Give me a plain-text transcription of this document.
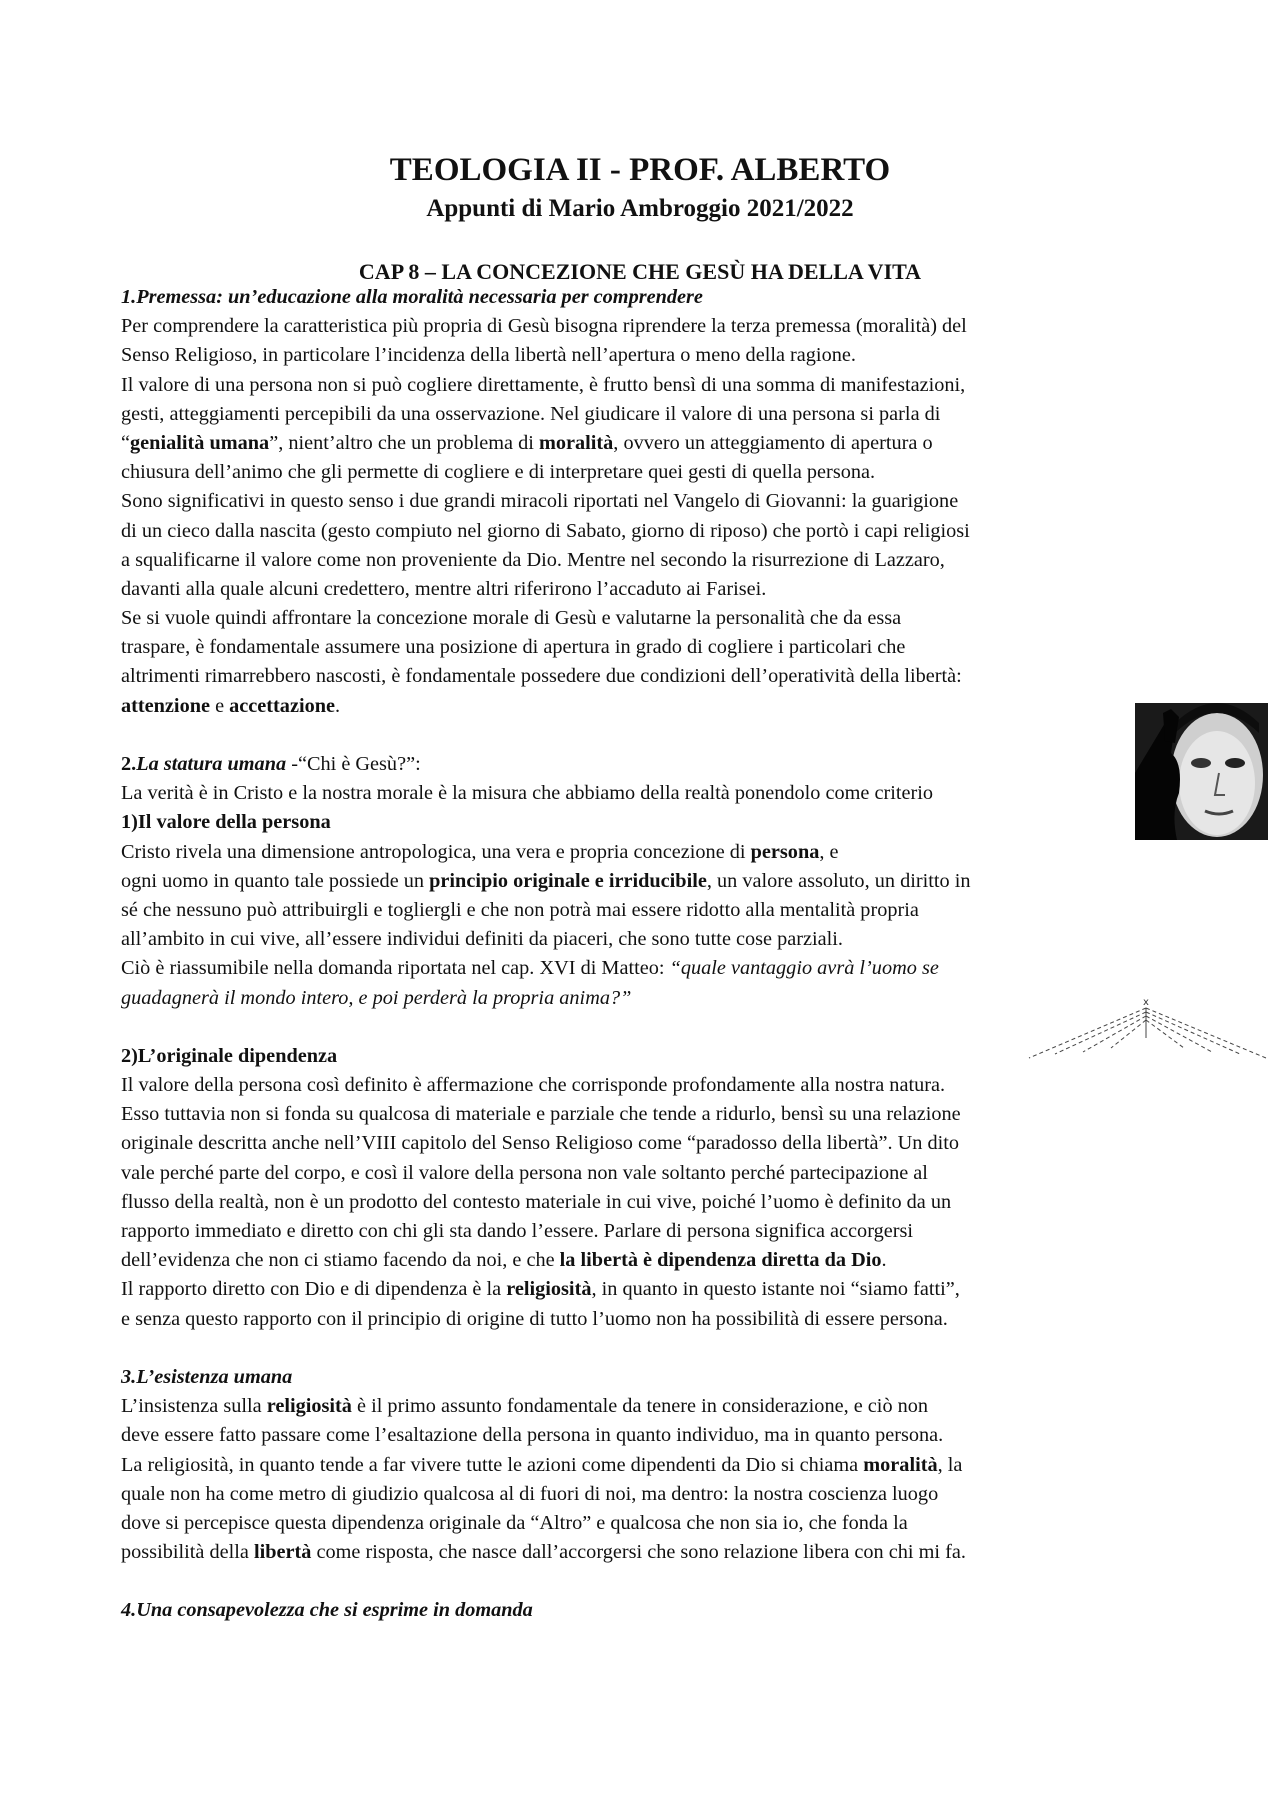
TEOLOGIA II - PROF. ALBERTO
Appunti di Mario Ambroggio 2021/2022
CAP 8 – LA CONCEZIONE CHE GESÙ HA DELLA VITA
1.Premessa: un’educazione alla moralità necessaria per comprendere
Per comprendere la caratteristica più propria di Gesù bisogna riprendere la terza premessa (moralità) del
Senso Religioso, in particolare l’incidenza della libertà nell’apertura o meno della ragione.
Il valore di una persona non si può cogliere direttamente, è frutto bensì di una somma di manifestazioni,
gesti, atteggiamenti percepibili da una osservazione. Nel giudicare il valore di una persona si parla di
“genialità umana”, nient’altro che un problema di moralità, ovvero un atteggiamento di apertura o
chiusura dell’animo che gli permette di cogliere e di interpretare quei gesti di quella persona.
Sono significativi in questo senso i due grandi miracoli riportati nel Vangelo di Giovanni: la guarigione
di un cieco dalla nascita (gesto compiuto nel giorno di Sabato, giorno di riposo) che portò i capi religiosi
a squalificarne il valore come non proveniente da Dio. Mentre nel secondo la risurrezione di Lazzaro,
davanti alla quale alcuni credettero, mentre altri riferirono l’accaduto ai Farisei.
Se si vuole quindi affrontare la concezione morale di Gesù e valutarne la personalità che da essa
traspare, è fondamentale assumere una posizione di apertura in grado di cogliere i particolari che
altrimenti rimarrebbero nascosti, è fondamentale possedere due condizioni dell’operatività della libertà:
attenzione e accettazione.
2.La statura umana -“Chi è Gesù?”:
La verità è in Cristo e la nostra morale è la misura che abbiamo della realtà ponendolo come criterio
1)Il valore della persona
Cristo rivela una dimensione antropologica, una vera e propria concezione di persona, e
ogni uomo in quanto tale possiede un principio originale e irriducibile, un valore assoluto, un diritto in
sé che nessuno può attribuirgli e togliergli e che non potrà mai essere ridotto alla mentalità propria
all’ambito in cui vive, all’essere individui definiti da piaceri, che sono tutte cose parziali.
Ciò è riassumibile nella domanda riportata nel cap. XVI di Matteo: “quale vantaggio avrà l’uomo se
guadagnerà il mondo intero, e poi perderà la propria anima?”
2)L’originale dipendenza
Il valore della persona così definito è affermazione che corrisponde profondamente alla nostra natura.
Esso tuttavia non si fonda su qualcosa di materiale e parziale che tende a ridurlo, bensì su una relazione
originale descritta anche nell’VIII capitolo del Senso Religioso come “paradosso della libertà”. Un dito
vale perché parte del corpo, e così il valore della persona non vale soltanto perché partecipazione al
flusso della realtà, non è un prodotto del contesto materiale in cui vive, poiché l’uomo è definito da un
rapporto immediato e diretto con chi gli sta dando l’essere. Parlare di persona significa accorgersi
dell’evidenza che non ci stiamo facendo da noi, e che la libertà è dipendenza diretta da Dio.
Il rapporto diretto con Dio e di dipendenza è la religiosità, in quanto in questo istante noi “siamo fatti”,
e senza questo rapporto con il principio di origine di tutto l’uomo non ha possibilità di essere persona.
3.L’esistenza umana
L’insistenza sulla religiosità è il primo assunto fondamentale da tenere in considerazione, e ciò non
deve essere fatto passare come l’esaltazione della persona in quanto individuo, ma in quanto persona.
La religiosità, in quanto tende a far vivere tutte le azioni come dipendenti da Dio si chiama moralità, la
quale non ha come metro di giudizio qualcosa al di fuori di noi, ma dentro: la nostra coscienza luogo
dove si percepisce questa dipendenza originale da “Altro” e qualcosa che non sia io, che fonda la
possibilità della libertà come risposta, che nasce dall’accorgersi che sono relazione libera con chi mi fa.
4.Una consapevolezza che si esprime in domanda
x
